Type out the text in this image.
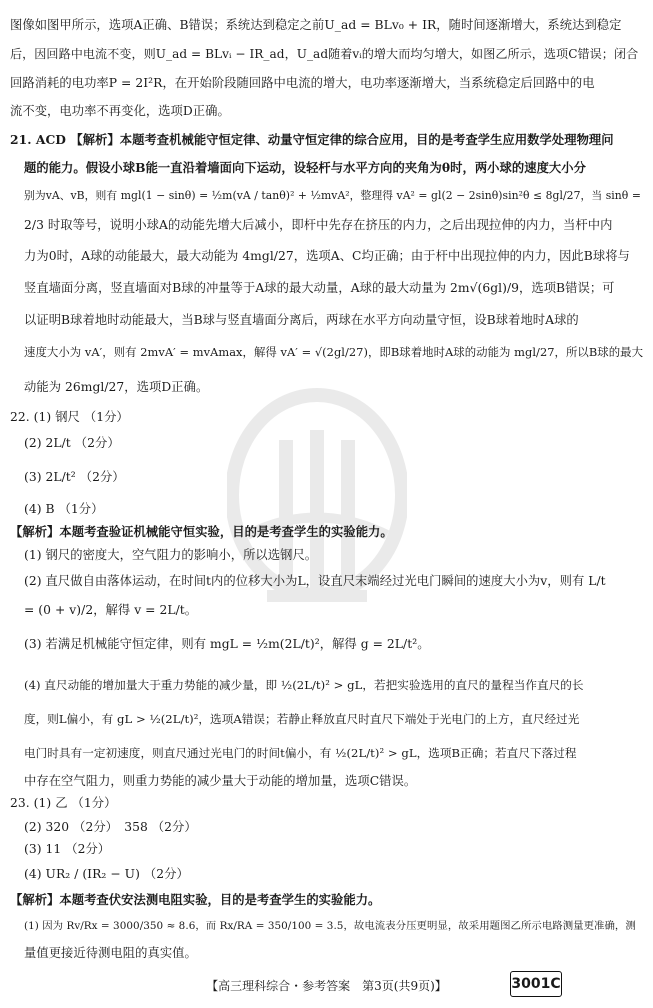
图像如图甲所示，选项A正确、B错误；系统达到稳定之前U_ad = BLv₀ + IR，随时间逐渐增大，系统达到稳定
后，因回路中电流不变，则U_ad = BLvᵢ − IR_ad，U_ad随着vᵢ的增大而均匀增大，如图乙所示，选项C错误；闭合
回路消耗的电功率P = 2I²R，在开始阶段随回路中电流的增大，电功率逐渐增大，当系统稳定后回路中的电
流不变，电功率不再变化，选项D正确。
21. ACD 【解析】本题考查机械能守恒定律、动量守恒定律的综合应用，目的是考查学生应用数学处理物理问
题的能力。假设小球B能一直沿着墙面向下运动，设轻杆与水平方向的夹角为θ时，两小球的速度大小分
别为vA、vB，则有 mgl(1 − sinθ) = ½m(vA / tanθ)² + ½mvA²，整理得 vA² = gl(2 − 2sinθ)sin²θ ≤ 8gl/27，当 sinθ =
2/3 时取等号，说明小球A的动能先增大后减小，即杆中先存在挤压的内力，之后出现拉伸的内力，当杆中内
力为0时，A球的动能最大，最大动能为 4mgl/27，选项A、C均正确；由于杆中出现拉伸的内力，因此B球将与
竖直墙面分离，竖直墙面对B球的冲量等于A球的最大动量，A球的最大动量为 2m√(6gl)/9，选项B错误；可
以证明B球着地时动能最大，当B球与竖直墙面分离后，两球在水平方向动量守恒，设B球着地时A球的
速度大小为 vA′，则有 2mvA′ = mvAmax，解得 vA′ = √(2gl/27)，即B球着地时A球的动能为 mgl/27，所以B球的最大
动能为 26mgl/27，选项D正确。
22. (1) 钢尺 （1分）
(2) 2L/t （2分）
(3) 2L/t² （2分）
(4) B （1分）
【解析】本题考查验证机械能守恒实验，目的是考查学生的实验能力。
(1) 钢尺的密度大，空气阻力的影响小，所以选钢尺。
(2) 直尺做自由落体运动，在时间t内的位移大小为L，设直尺末端经过光电门瞬间的速度大小为v，则有 L/t
= (0 + v)/2，解得 v = 2L/t。
(3) 若满足机械能守恒定律，则有 mgL = ½m(2L/t)²，解得 g = 2L/t²。
(4) 直尺动能的增加量大于重力势能的减少量，即 ½(2L/t)² > gL，若把实验选用的直尺的量程当作直尺的长
度，则L偏小，有 gL > ½(2L/t)²，选项A错误；若静止释放直尺时直尺下端处于光电门的上方，直尺经过光
电门时具有一定初速度，则直尺通过光电门的时间t偏小，有 ½(2L/t)² > gL，选项B正确；若直尺下落过程
中存在空气阻力，则重力势能的减少量大于动能的增加量，选项C错误。
23. (1) 乙 （1分）
(2) 320 （2分）　358 （2分）
(3) 11 （2分）
(4) UR₂ / (IR₂ − U) （2分）
【解析】本题考查伏安法测电阻实验，目的是考查学生的实验能力。
(1) 因为 Rv/Rx = 3000/350 ≈ 8.6，而 Rx/RA = 350/100 = 3.5，故电流表分压更明显，故采用题图乙所示电路测量更准确，测
量值更接近待测电阻的真实值。
【高三理科综合・参考答案　第3页(共9页)】	3001C
